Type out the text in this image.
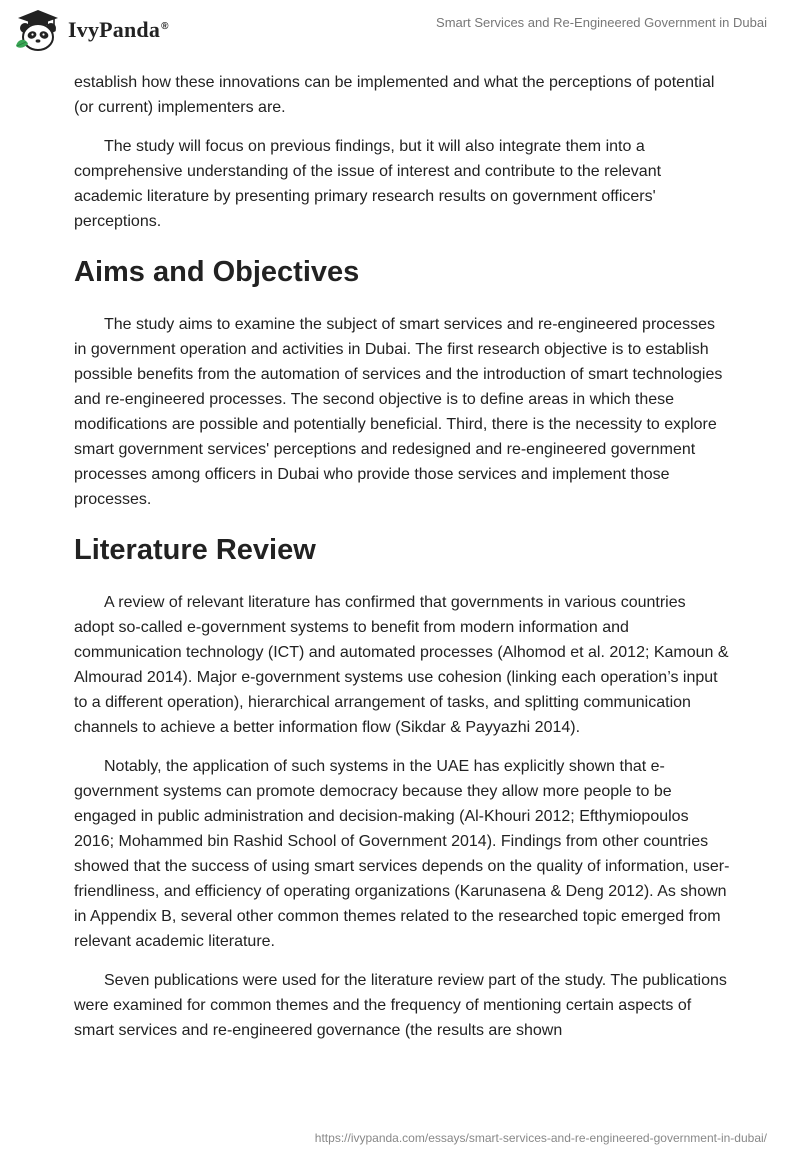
IvyPanda®	Smart Services and Re-Engineered Government in Dubai

establish how these innovations can be implemented and what the perceptions of potential (or current) implementers are.

The study will focus on previous findings, but it will also integrate them into a comprehensive understanding of the issue of interest and contribute to the relevant academic literature by presenting primary research results on government officers' perceptions.

Aims and Objectives

The study aims to examine the subject of smart services and re-engineered processes in government operation and activities in Dubai. The first research objective is to establish possible benefits from the automation of services and the introduction of smart technologies and re-engineered processes. The second objective is to define areas in which these modifications are possible and potentially beneficial. Third, there is the necessity to explore smart government services' perceptions and redesigned and re-engineered government processes among officers in Dubai who provide those services and implement those processes.

Literature Review

A review of relevant literature has confirmed that governments in various countries adopt so-called e-government systems to benefit from modern information and communication technology (ICT) and automated processes (Alhomod et al. 2012; Kamoun & Almourad 2014). Major e-government systems use cohesion (linking each operation’s input to a different operation), hierarchical arrangement of tasks, and splitting communication channels to achieve a better information flow (Sikdar & Payyazhi 2014).

Notably, the application of such systems in the UAE has explicitly shown that e-government systems can promote democracy because they allow more people to be engaged in public administration and decision-making (Al-Khouri 2012; Efthymiopoulos 2016; Mohammed bin Rashid School of Government 2014). Findings from other countries showed that the success of using smart services depends on the quality of information, user-friendliness, and efficiency of operating organizations (Karunasena & Deng 2012). As shown in Appendix B, several other common themes related to the researched topic emerged from relevant academic literature.

Seven publications were used for the literature review part of the study. The publications were examined for common themes and the frequency of mentioning certain aspects of smart services and re-engineered governance (the results are shown

https://ivypanda.com/essays/smart-services-and-re-engineered-government-in-dubai/
